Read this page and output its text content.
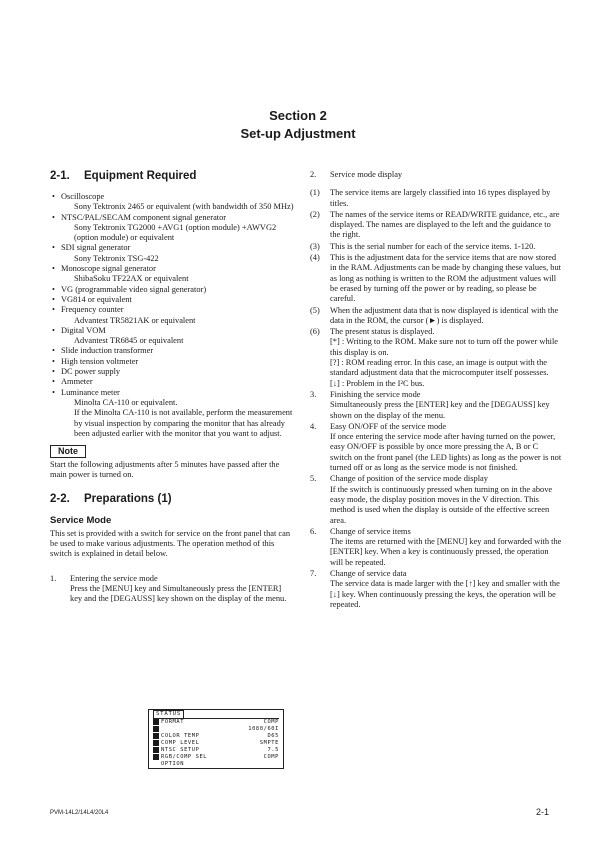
Section 2
Set-up Adjustment
2-1. Equipment Required
• Oscilloscope
Sony Tektronix 2465 or equivalent (with bandwidth of 350 MHz)
• NTSC/PAL/SECAM component signal generator
Sony Tektronix TG2000 +AVG1 (option module) +AWVG2 (option module) or equivalent
• SDI signal generator
Sony Tektronix TSG-422
• Monoscope signal generator
ShibaSoku TF22AX or equivalent
• VG (programmable video signal generator)
• VG814 or equivalent
• Frequency counter
Advantest TR5821AK or equivalent
• Digital VOM
Advantest TR6845 or equivalent
• Slide induction transformer
• High tension voltmeter
• DC power supply
• Ammeter
• Luminance meter
Minolta CA-110 or equivalent.
If the Minolta CA-110 is not available, perform the measurement by visual inspection by comparing the monitor that has already been adjusted earlier with the monitor that you want to adjust.
Note

Start the following adjustments after 5 minutes have passed after the main power is turned on.

2-2. Preparations (1)
Service Mode

This set is provided with a switch for service on the front panel that can be used to make various adjustments. The operation method of this switch is explained in detail below.

1. Entering the service mode
Press the [MENU] key and Simultaneously press the [ENTER] key and the [DEGAUSS] key shown on the display of the menu.
STATUS
FORMAT	COMP
1080/60I
COLOR TEMP	D65
COMP LEVEL	SMPTE
NTSC SETUP	7.5
RGB/COMP SEL	COMP
OPTION
PVM-14L2/14L4/20L4
2. Service mode display
(1) The service items are largely classified into 16 types displayed by titles.
(2) The names of the service items or READ/WRITE guidance, etc., are displayed. The names are displayed to the left and the guidance to the right.
(3) This is the serial number for each of the service items. 1-120.
(4) This is the adjustment data for the service items that are now stored in the RAM. Adjustments can be made by changing these values, but as long as nothing is written to the ROM the adjustment values will be erased by turning off the power or by reading, so please be careful.
(5) When the adjustment data that is now displayed is identical with the data in the ROM, the cursor (►) is displayed.
(6) The present status is displayed.
[*] : Writing to the ROM. Make sure not to turn off the power while this display is on.
[?] : ROM reading error. In this case, an image is output with the standard adjustment data that the microcomputer itself possesses.
[↓] : Problem in the I²C bus.
3. Finishing the service mode
Simultaneously press the [ENTER] key and the [DEGAUSS] key shown on the display of the menu.
4. Easy ON/OFF of the service mode
If once entering the service mode after having turned on the power, easy ON/OFF is possible by once more pressing the A, B or C switch on the front panel (the LED lights) as long as the power is not turned off or as long as the service mode is not finished.
5. Change of position of the service mode display
If the switch is continuously pressed when turning on in the above easy mode, the display position moves in the V direction. This method is used when the display is outside of the effective screen area.
6. Change of service items
The items are returned with the [MENU] key and forwarded with the [ENTER] key. When a key is continuously pressed, the operation will be repeated.
7. Change of service data
The service data is made larger with the [↑] key and smaller with the [↓] key. When continuously pressing the keys, the operation will be repeated.
2-1
